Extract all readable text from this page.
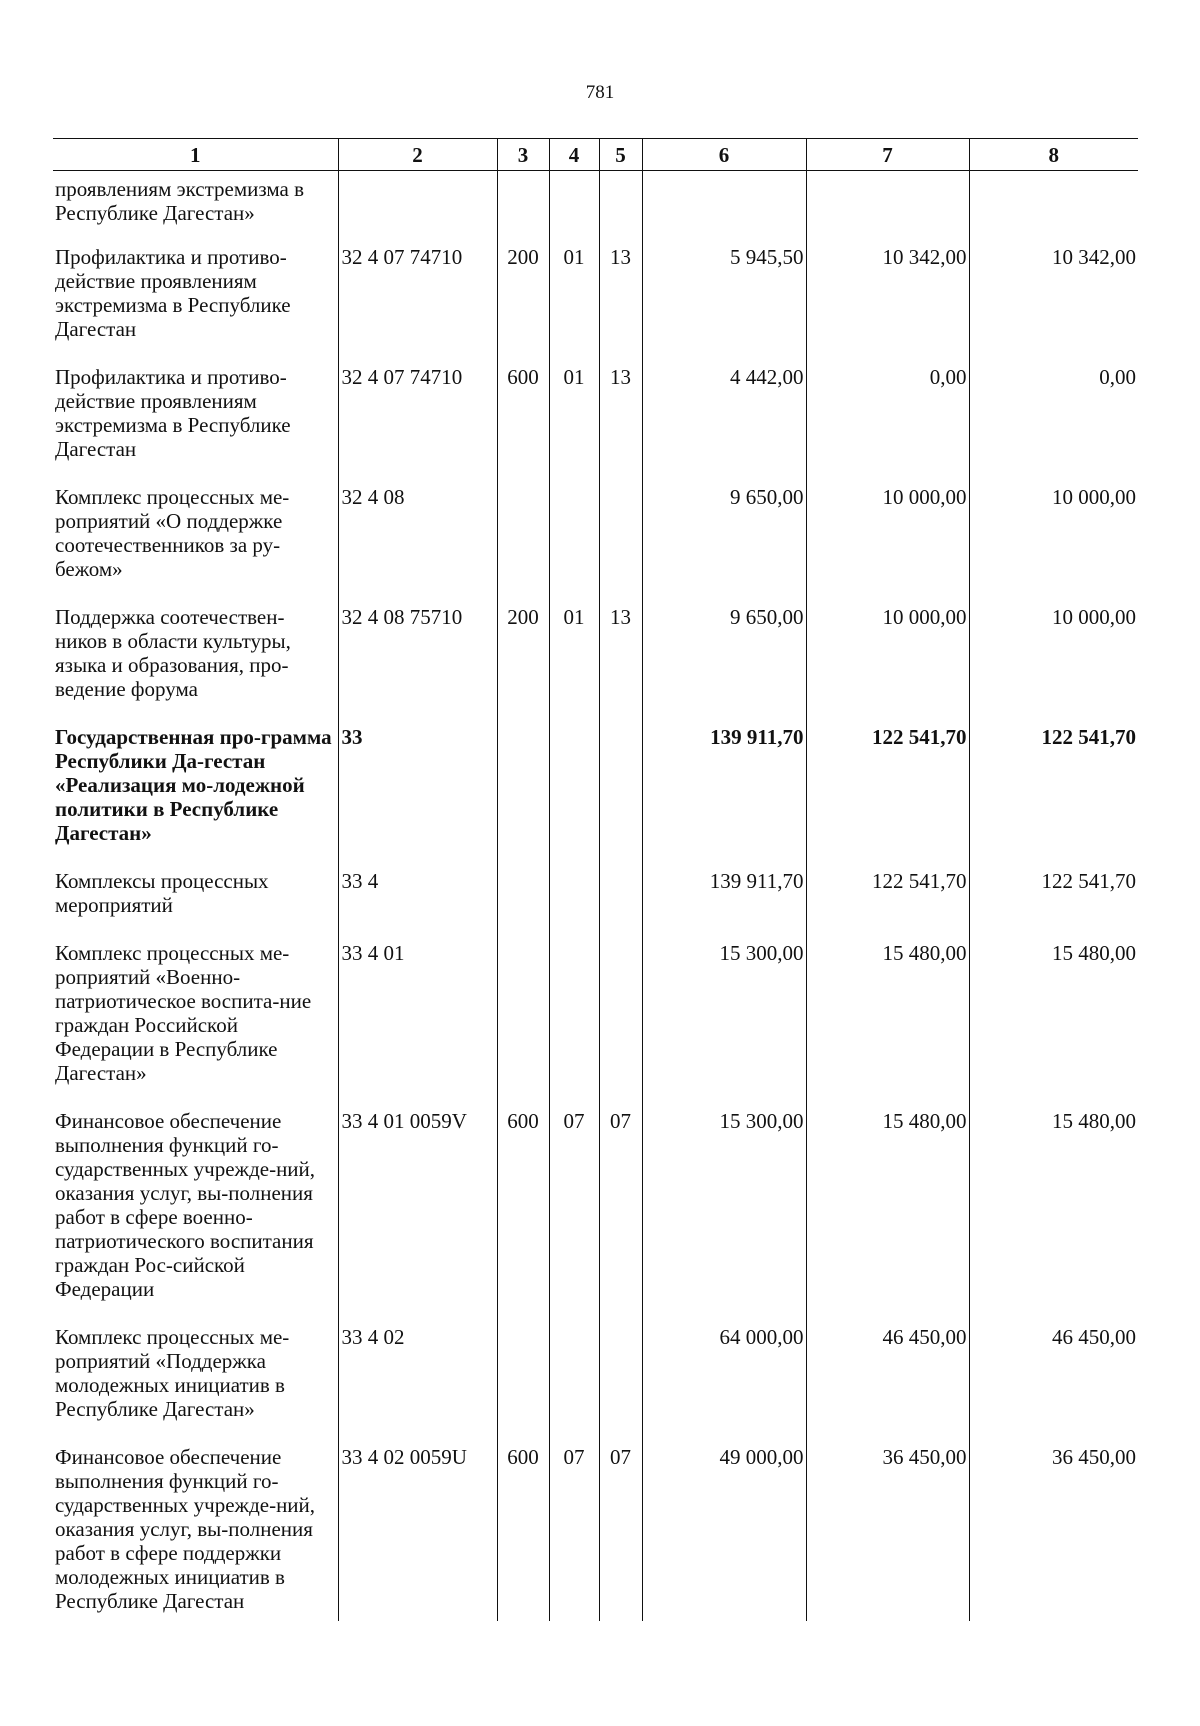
781
1	2	3	4	5	6	7	8
проявлениям экстремизма в Республике Дагестан»							
Профилактика и противо-действие проявлениям экстремизма в Республике Дагестан	32 4 07 74710	200	01	13	5 945,50	10 342,00	10 342,00
Профилактика и противо-действие проявлениям экстремизма в Республике Дагестан	32 4 07 74710	600	01	13	4 442,00	0,00	0,00
Комплекс процессных ме-роприятий «О поддержке соотечественников за ру-бежом»	32 4 08				9 650,00	10 000,00	10 000,00
Поддержка соотечествен-ников в области культуры, языка и образования, про-ведение форума	32 4 08 75710	200	01	13	9 650,00	10 000,00	10 000,00
Государственная про-грамма Республики Да-гестан «Реализация мо-лодежной политики в Республике Дагестан»	33				139 911,70	122 541,70	122 541,70
Комплексы процессных мероприятий	33 4				139 911,70	122 541,70	122 541,70
Комплекс процессных ме-роприятий «Военно-патриотическое воспита-ние граждан Российской Федерации в Республике Дагестан»	33 4 01				15 300,00	15 480,00	15 480,00
Финансовое обеспечение выполнения функций го-сударственных учрежде-ний, оказания услуг, вы-полнения работ в сфере военно-патриотического воспитания граждан Рос-сийской Федерации	33 4 01 0059V	600	07	07	15 300,00	15 480,00	15 480,00
Комплекс процессных ме-роприятий «Поддержка молодежных инициатив в Республике Дагестан»	33 4 02				64 000,00	46 450,00	46 450,00
Финансовое обеспечение выполнения функций го-сударственных учрежде-ний, оказания услуг, вы-полнения работ в сфере поддержки молодежных инициатив в Республике Дагестан	33 4 02 0059U	600	07	07	49 000,00	36 450,00	36 450,00
